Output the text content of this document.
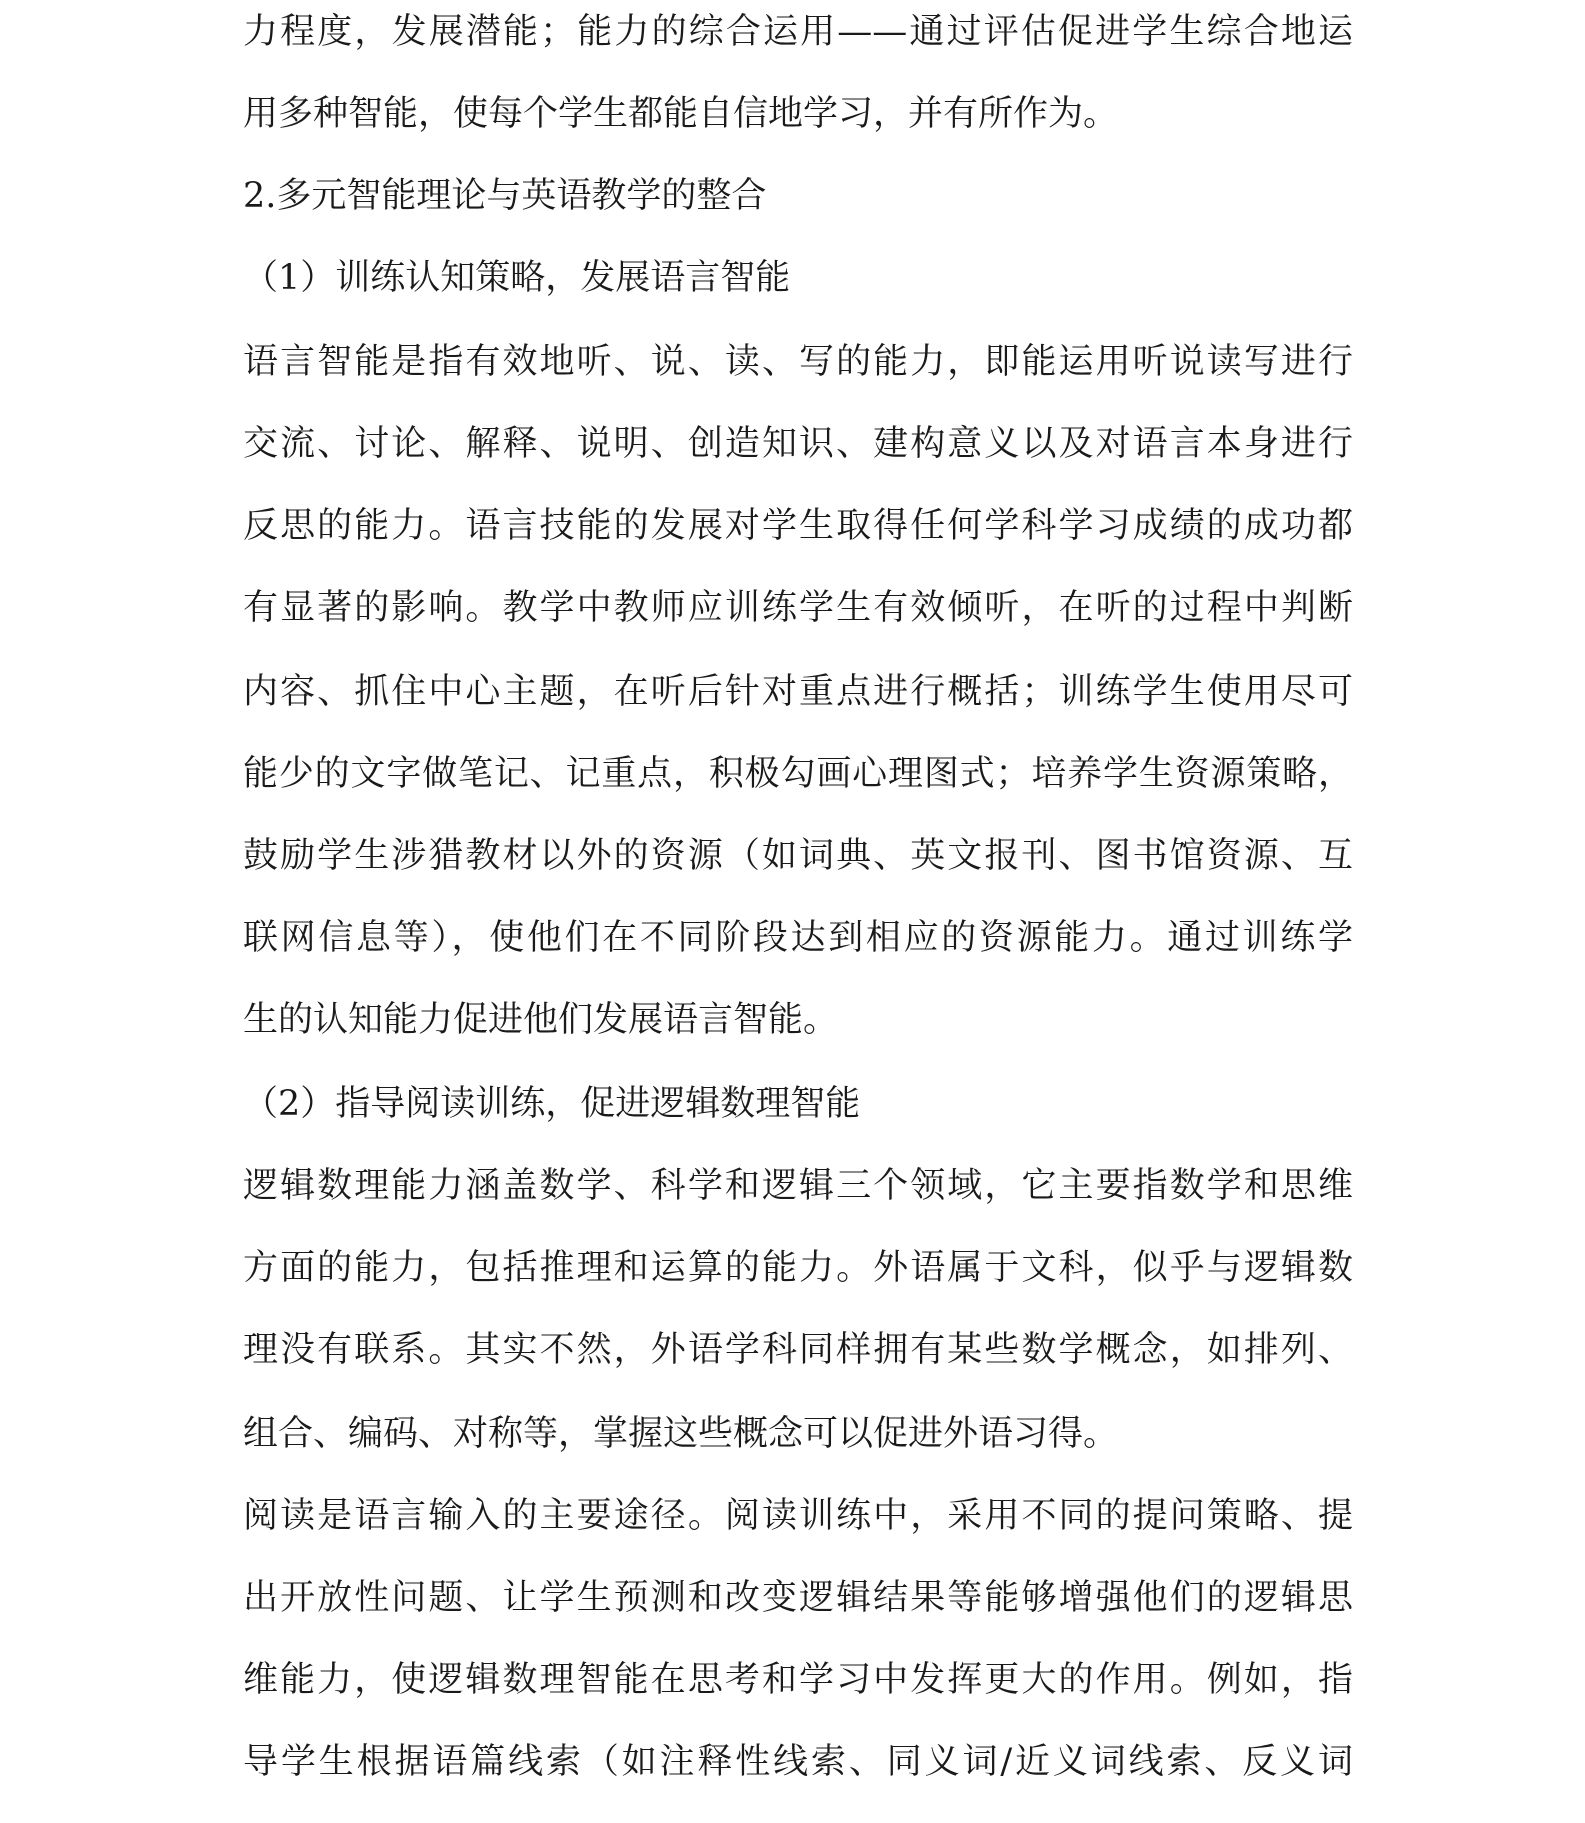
力程度，发展潜能；能力的综合运用——通过评估促进学生综合地运
用多种智能，使每个学生都能自信地学习，并有所作为。
2.多元智能理论与英语教学的整合
（1）训练认知策略，发展语言智能
语言智能是指有效地听、说、读、写的能力，即能运用听说读写进行
交流、讨论、解释、说明、创造知识、建构意义以及对语言本身进行
反思的能力。语言技能的发展对学生取得任何学科学习成绩的成功都
有显著的影响。教学中教师应训练学生有效倾听，在听的过程中判断
内容、抓住中心主题，在听后针对重点进行概括；训练学生使用尽可
能少的文字做笔记、记重点，积极勾画心理图式；培养学生资源策略，
鼓励学生涉猎教材以外的资源（如词典、英文报刊、图书馆资源、互
联网信息等），使他们在不同阶段达到相应的资源能力。通过训练学
生的认知能力促进他们发展语言智能。
（2）指导阅读训练，促进逻辑数理智能
逻辑数理能力涵盖数学、科学和逻辑三个领域，它主要指数学和思维
方面的能力，包括推理和运算的能力。外语属于文科，似乎与逻辑数
理没有联系。其实不然，外语学科同样拥有某些数学概念，如排列、
组合、编码、对称等，掌握这些概念可以促进外语习得。
阅读是语言输入的主要途径。阅读训练中，采用不同的提问策略、提
出开放性问题、让学生预测和改变逻辑结果等能够增强他们的逻辑思
维能力，使逻辑数理智能在思考和学习中发挥更大的作用。例如，指
导学生根据语篇线索（如注释性线索、同义词/近义词线索、反义词
